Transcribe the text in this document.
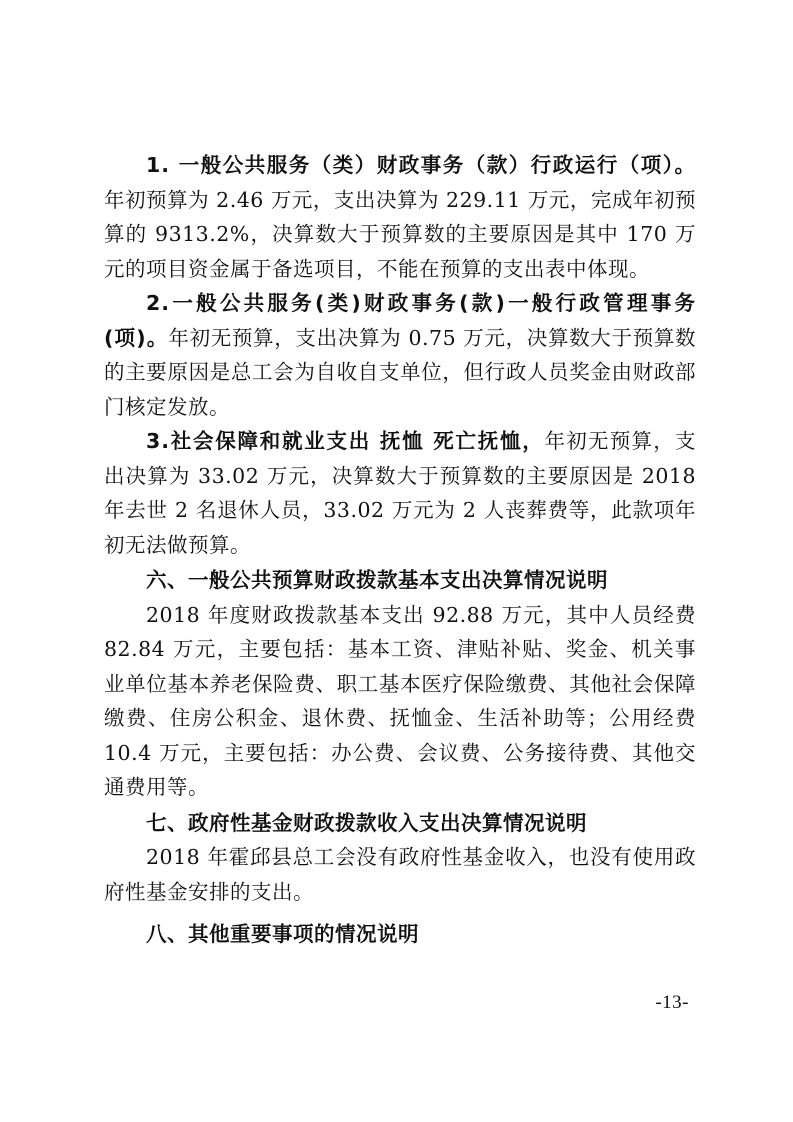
1. 一般公共服务（类）财政事务（款）行政运行（项）。年初预算为 2.46 万元，支出决算为 229.11 万元，完成年初预算的 9313.2%，决算数大于预算数的主要原因是其中 170 万元的项目资金属于备选项目，不能在预算的支出表中体现。

2.一般公共服务(类)财政事务(款)一般行政管理事务(项)。年初无预算，支出决算为 0.75 万元，决算数大于预算数的主要原因是总工会为自收自支单位，但行政人员奖金由财政部门核定发放。

3.社会保障和就业支出 抚恤 死亡抚恤，年初无预算，支出决算为 33.02 万元，决算数大于预算数的主要原因是 2018 年去世 2 名退休人员，33.02 万元为 2 人丧葬费等，此款项年初无法做预算。

六、一般公共预算财政拨款基本支出决算情况说明

2018 年度财政拨款基本支出 92.88 万元，其中人员经费 82.84 万元，主要包括：基本工资、津贴补贴、奖金、机关事业单位基本养老保险费、职工基本医疗保险缴费、其他社会保障缴费、住房公积金、退休费、抚恤金、生活补助等；公用经费 10.4 万元，主要包括：办公费、会议费、公务接待费、其他交通费用等。

七、政府性基金财政拨款收入支出决算情况说明

2018 年霍邱县总工会没有政府性基金收入，也没有使用政府性基金安排的支出。

八、其他重要事项的情况说明

-13-
